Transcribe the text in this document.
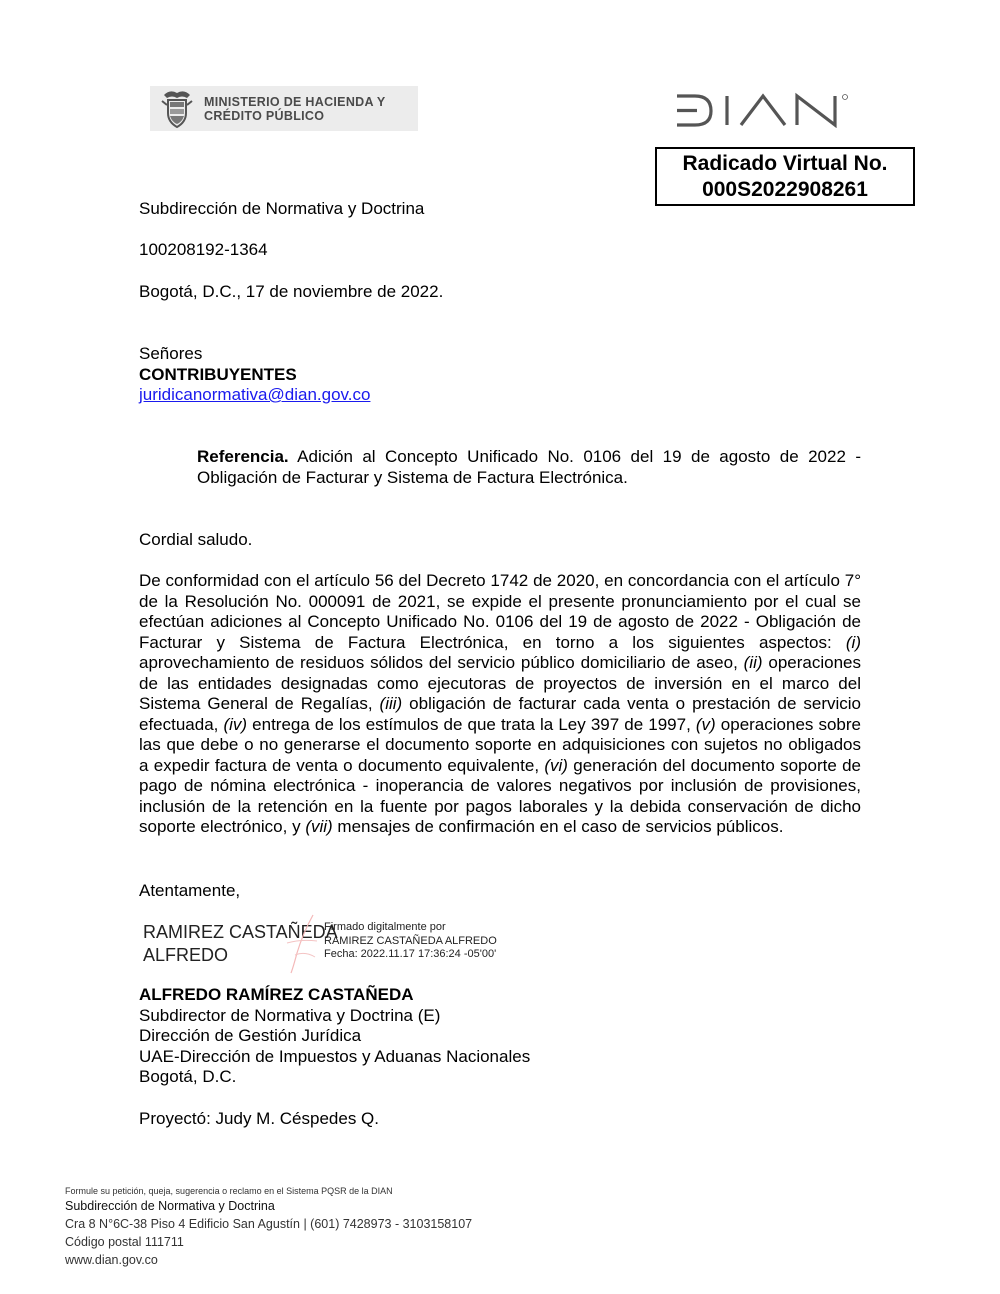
MINISTERIO DE HACIENDA Y
CRÉDITO PÚBLICO
Radicado Virtual No.
000S2022908261
Subdirección de Normativa y Doctrina
100208192-1364
Bogotá, D.C., 17 de noviembre de 2022.
Señores
CONTRIBUYENTES
juridicanormativa@dian.gov.co
Referencia. Adición al Concepto Unificado No. 0106 del 19 de agosto de 2022 - Obligación de Facturar y Sistema de Factura Electrónica.
Cordial saludo.
De conformidad con el artículo 56 del Decreto 1742 de 2020, en concordancia con el artículo 7° de la Resolución No. 000091 de 2021, se expide el presente pronunciamiento por el cual se efectúan adiciones al Concepto Unificado No. 0106 del 19 de agosto de 2022 - Obligación de Facturar y Sistema de Factura Electrónica, en torno a los siguientes aspectos: (i) aprovechamiento de residuos sólidos del servicio público domiciliario de aseo, (ii) operaciones de las entidades designadas como ejecutoras de proyectos de inversión en el marco del Sistema General de Regalías, (iii) obligación de facturar cada venta o prestación de servicio efectuada, (iv) entrega de los estímulos de que trata la Ley 397 de 1997, (v) operaciones sobre las que debe o no generarse el documento soporte en adquisiciones con sujetos no obligados a expedir factura de venta o documento equivalente, (vi) generación del documento soporte de pago de nómina electrónica - inoperancia de valores negativos por inclusión de provisiones, inclusión de la retención en la fuente por pagos laborales y la debida conservación de dicho soporte electrónico, y (vii) mensajes de confirmación en el caso de servicios públicos.
Atentamente,
RAMIREZ CASTAÑEDA
ALFREDO
Firmado digitalmente por
RAMIREZ CASTAÑEDA ALFREDO
Fecha: 2022.11.17 17:36:24 -05'00'
ALFREDO RAMÍREZ CASTAÑEDA
Subdirector de Normativa y Doctrina (E)
Dirección de Gestión Jurídica
UAE-Dirección de Impuestos y Aduanas Nacionales
Bogotá, D.C.
Proyectó: Judy M. Céspedes Q.
Formule su petición, queja, sugerencia o reclamo en el Sistema PQSR de la DIAN
Subdirección de Normativa y Doctrina
Cra 8 N°6C-38 Piso 4 Edificio San Agustín | (601) 7428973 - 3103158107
Código postal 111711
www.dian.gov.co
